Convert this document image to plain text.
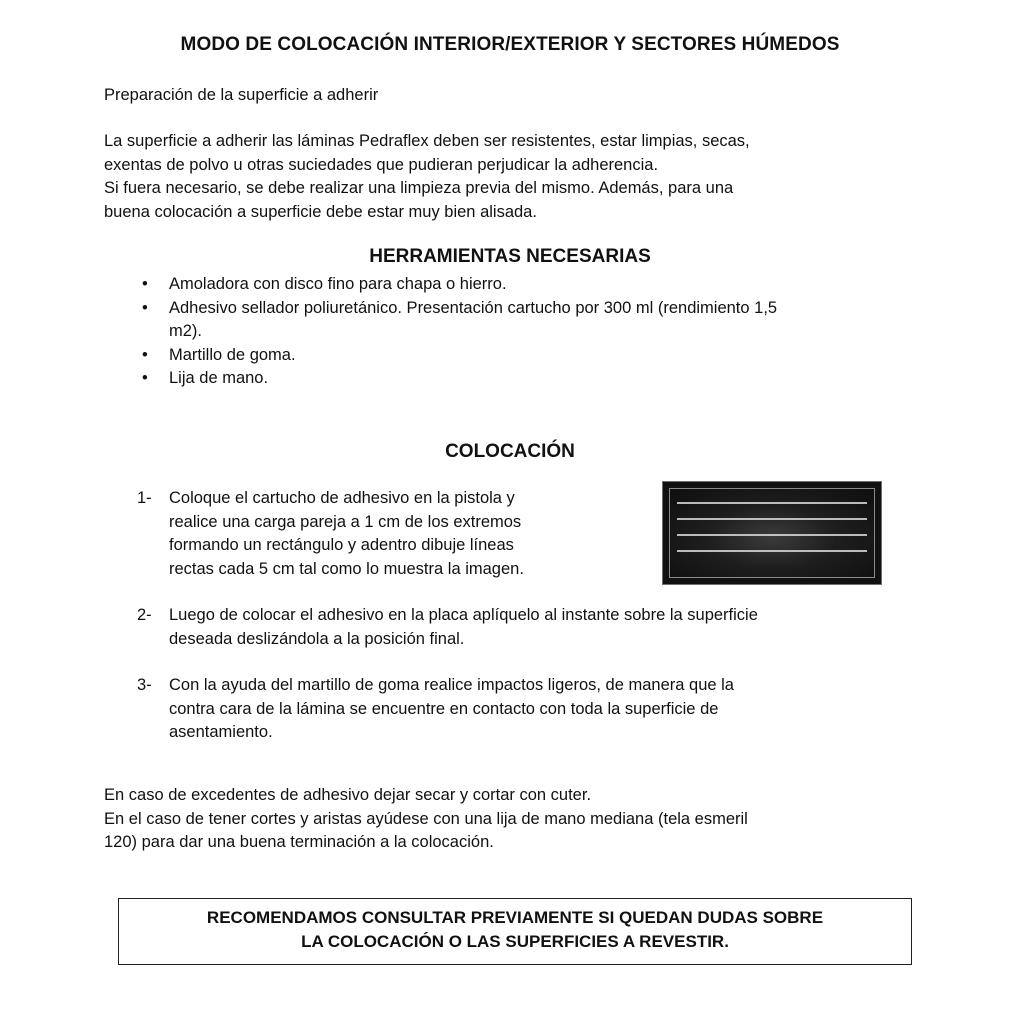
MODO DE COLOCACIÓN INTERIOR/EXTERIOR Y SECTORES HÚMEDOS
Preparación de la superficie a adherir
La superficie a adherir las láminas Pedraflex deben ser resistentes, estar limpias, secas,
exentas de polvo u otras suciedades que pudieran perjudicar la adherencia.
Si fuera necesario, se debe realizar una limpieza previa del mismo. Además, para una
buena colocación a superficie debe estar muy bien alisada.
HERRAMIENTAS NECESARIAS
• Amoladora con disco fino para chapa o hierro.
• Adhesivo sellador poliuretánico. Presentación cartucho por 300 ml (rendimiento 1,5
m2).
• Martillo de goma.
• Lija de mano.
COLOCACIÓN
1- Coloque el cartucho de adhesivo en la pistola y
realice una carga pareja a 1 cm de los extremos
formando un rectángulo y adentro dibuje líneas
rectas cada 5 cm tal como lo muestra la imagen.
2- Luego de colocar el adhesivo en la placa aplíquelo al instante sobre la superficie
deseada deslizándola a la posición final.
3- Con la ayuda del martillo de goma realice impactos ligeros, de manera que la
contra cara de la lámina se encuentre en contacto con toda la superficie de
asentamiento.
En caso de excedentes de adhesivo dejar secar y cortar con cuter.
En el caso de tener cortes y aristas ayúdese con una lija de mano mediana (tela esmeril
120) para dar una buena terminación a la colocación.
RECOMENDAMOS CONSULTAR PREVIAMENTE SI QUEDAN DUDAS SOBRE
LA COLOCACIÓN O LAS SUPERFICIES A REVESTIR.
